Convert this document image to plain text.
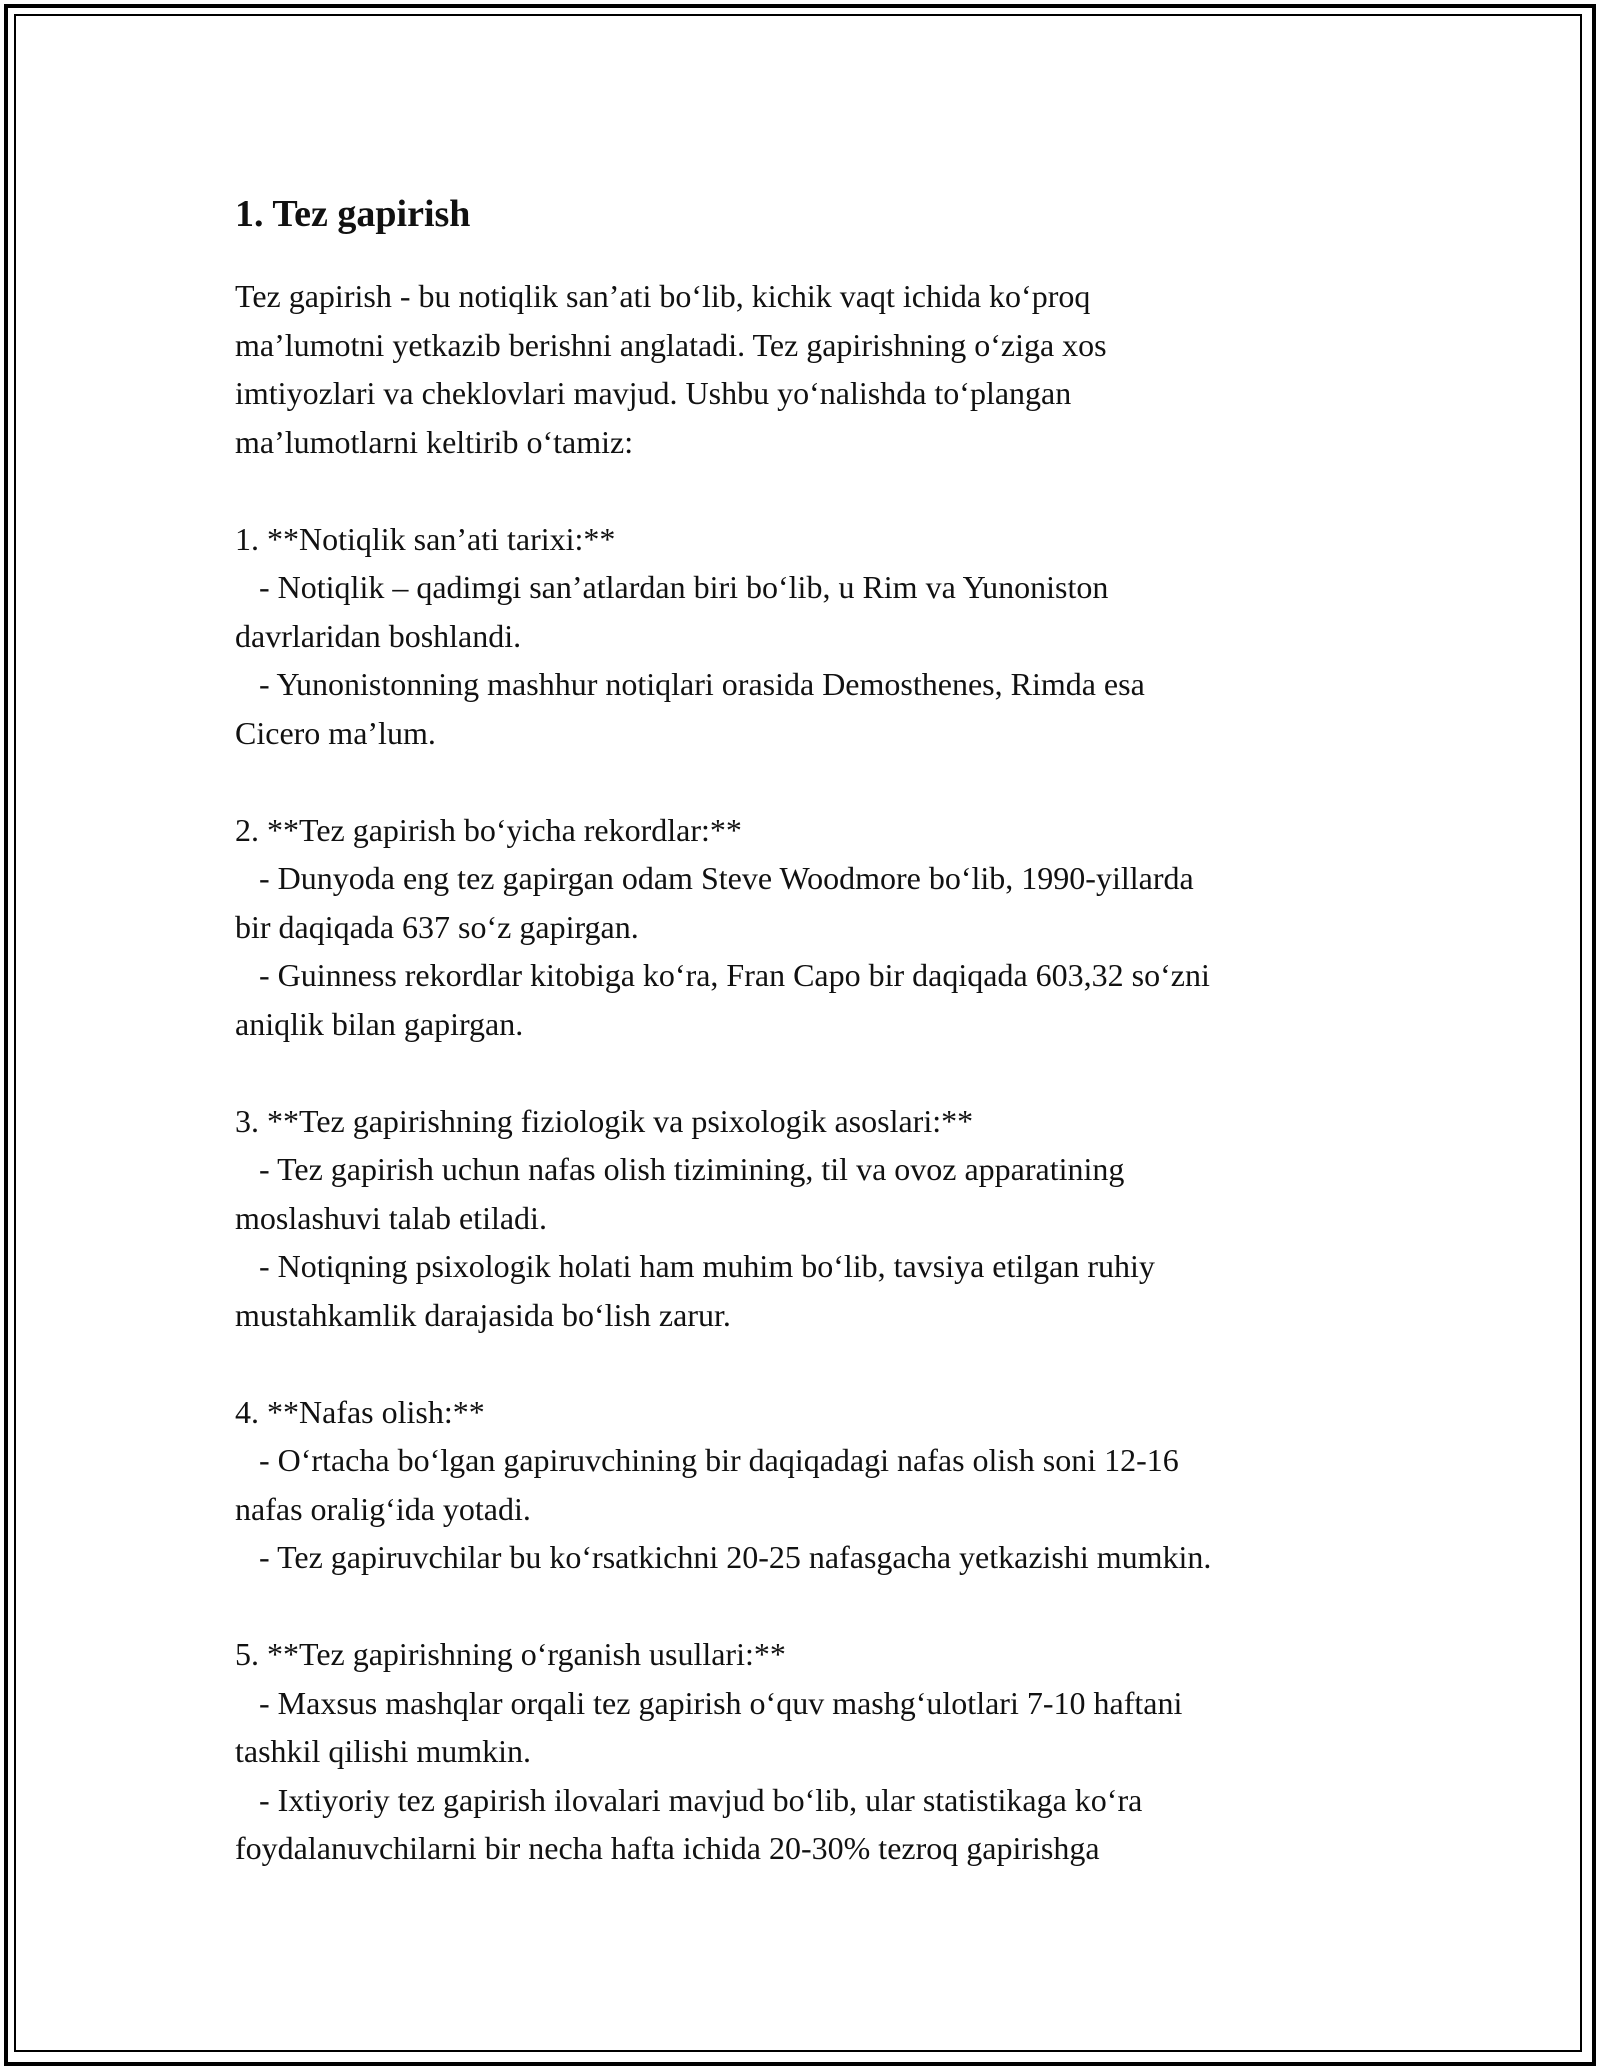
1. Tez gapirish

Tez gapirish - bu notiqlik san’ati bo‘lib, kichik vaqt ichida ko‘proq

ma’lumotni yetkazib berishni anglatadi. Tez gapirishning o‘ziga xos

imtiyozlari va cheklovlari mavjud. Ushbu yo‘nalishda to‘plangan

ma’lumotlarni keltirib o‘tamiz:

1. **Notiqlik san’ati tarixi:**

- Notiqlik – qadimgi san’atlardan biri bo‘lib, u Rim va Yunoniston

davrlaridan boshlandi.

- Yunonistonning mashhur notiqlari orasida Demosthenes, Rimda esa

Cicero ma’lum.

2. **Tez gapirish bo‘yicha rekordlar:**

- Dunyoda eng tez gapirgan odam Steve Woodmore bo‘lib, 1990-yillarda

bir daqiqada 637 so‘z gapirgan.

- Guinness rekordlar kitobiga ko‘ra, Fran Capo bir daqiqada 603,32 so‘zni

aniqlik bilan gapirgan.

3. **Tez gapirishning fiziologik va psixologik asoslari:**

- Tez gapirish uchun nafas olish tizimining, til va ovoz apparatining

moslashuvi talab etiladi.

- Notiqning psixologik holati ham muhim bo‘lib, tavsiya etilgan ruhiy

mustahkamlik darajasida bo‘lish zarur.

4. **Nafas olish:**

- O‘rtacha bo‘lgan gapiruvchining bir daqiqadagi nafas olish soni 12-16

nafas oralig‘ida yotadi.

- Tez gapiruvchilar bu ko‘rsatkichni 20-25 nafasgacha yetkazishi mumkin.

5. **Tez gapirishning o‘rganish usullari:**

- Maxsus mashqlar orqali tez gapirish o‘quv mashg‘ulotlari 7-10 haftani

tashkil qilishi mumkin.

- Ixtiyoriy tez gapirish ilovalari mavjud bo‘lib, ular statistikaga ko‘ra

foydalanuvchilarni bir necha hafta ichida 20-30% tezroq gapirishga
